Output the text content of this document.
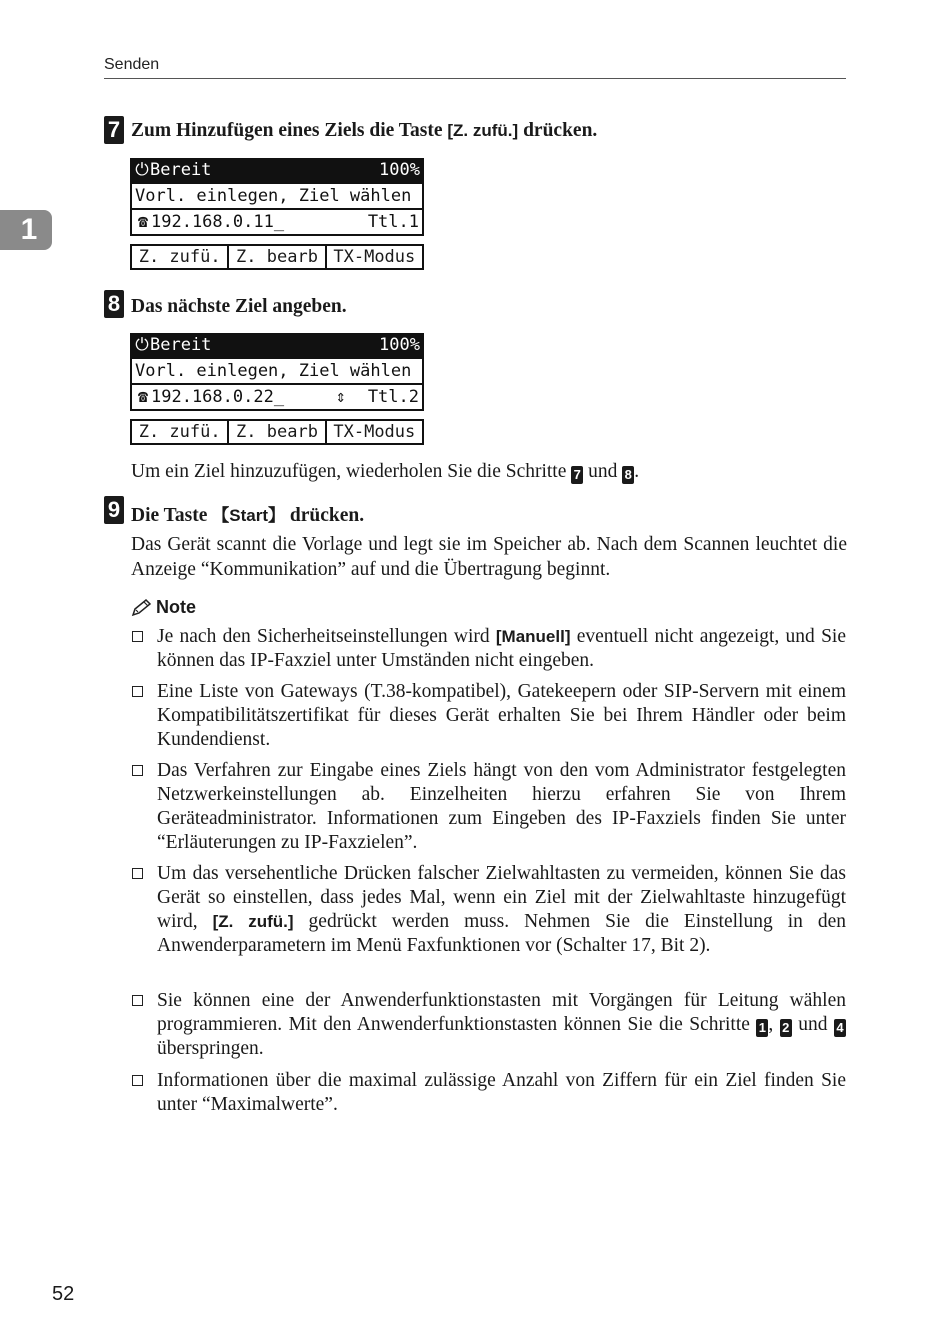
Senden
1
7 Zum Hinzufügen eines Ziels die Taste [Z. zufü.] drücken.
⏻Bereit	100%
Vorl. einlegen, Ziel wählen
☎ 192.168.0.11_	Ttl.1
Z. zufü. Z. bearb TX-Modus
8 Das nächste Ziel angeben.
⏻Bereit	100%
Vorl. einlegen, Ziel wählen
☎ 192.168.0.22_	⇕ Ttl.2
Z. zufü. Z. bearb TX-Modus
Um ein Ziel hinzuzufügen, wiederholen Sie die Schritte 7 und 8 .
9 Die Taste 【Start】 drücken.
Das Gerät scannt die Vorlage und legt sie im Speicher ab. Nach dem Scannen leuchtet die Anzeige “Kommunikation” auf und die Übertragung beginnt.
Note
Je nach den Sicherheitseinstellungen wird [Manuell] eventuell nicht angezeigt, und Sie können das IP-Faxziel unter Umständen nicht eingeben.
Eine Liste von Gateways (T.38-kompatibel), Gatekeepern oder SIP-Servern mit einem Kompatibilitätszertifikat für dieses Gerät erhalten Sie bei Ihrem Händler oder beim Kundendienst.
Das Verfahren zur Eingabe eines Ziels hängt von den vom Administrator festgelegten Netzwerkeinstellungen ab. Einzelheiten hierzu erfahren Sie von Ihrem Geräteadministrator. Informationen zum Eingeben des IP-Faxziels finden Sie unter “Erläuterungen zu IP-Faxzielen”.
Um das versehentliche Drücken falscher Zielwahltasten zu vermeiden, können Sie das Gerät so einstellen, dass jedes Mal, wenn ein Ziel mit der Zielwahltaste hinzugefügt wird, [Z. zufü.] gedrückt werden muss. Nehmen Sie die Einstellung in den Anwenderparametern im Menü Faxfunktionen vor (Schalter 17, Bit 2).
Sie können eine der Anwenderfunktionstasten mit Vorgängen für Leitung wählen programmieren. Mit den Anwenderfunktionstasten können Sie die Schritte 1 , 2 und 4 überspringen.
Informationen über die maximal zulässige Anzahl von Ziffern für ein Ziel finden Sie unter “Maximalwerte”.
52
